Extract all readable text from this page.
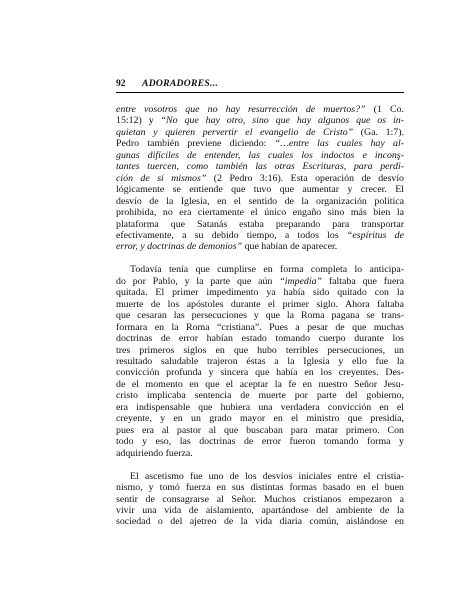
92	ADORADORES...

entre vosotros que no hay resurrección de muertos?” (1 Co.
15:12) y “No que hay otro, sino que hay algunos que os in-
quietan y quieren pervertir el evangelio de Cristo” (Ga. 1:7).
Pedro también previene diciendo: “…entre las cuales hay al-
gunas difíciles de entender, las cuales los indoctos e inconş-
tantes tuercen, como también las otras Escrituras, para perdi-
ción de sí mismos” (2 Pedro 3:16). Esta operación de desvío
lógicamente se entiende que tuvo que aumentar y crecer. El
desvío de la Iglesia, en el sentido de la organización política
prohibida, no era ciertamente el único engaño sino más bien la
plataforma que Satanás estaba preparando para transportar
efectivamente, a su debido tiempo, a todos los “espíritus de
error, y doctrinas de demonios” que habían de aparecer.

Todavía tenía que cumplirse en forma completa lo anticipa-
do por Pablo, y la parte que aún “impedía” faltaba que fuera
quitada. El primer impedimento ya había sido quitado con la
muerte de los apóstoles durante el primer siglo. Ahora faltaba
que cesaran las persecuciones y que la Roma pagana se trans-
formara en la Roma “cristiana”. Pues a pesar de que muchas
doctrinas de error habían estado tomando cuerpo durante los
tres primeros siglos en que hubo terribles persecuciones, un
resultado saludable trajeron éstas a la Iglesia y ello fue la
convicción profunda y sincera que había en los creyentes. Des-
de el momento en que el aceptar la fe en nuestro Señor Jesu-
cristo implicaba sentencia de muerte por parte del gobierno,
era indispensable que hubiera una verdadera convicción en el
creyente, y en un grado mayor en el ministro que presidía,
pues era al pastor al que buscaban para matar primero. Con
todo y eso, las doctrinas de error fueron tomando forma y
adquiriendo fuerza.

El ascetismo fue uno de los desvíos iniciales entre el cristia-
nismo, y tomó fuerza en sus distintas formas basado en el buen
sentir de consagrarse al Señor. Muchos cristianos empezaron a
vivir una vida de aislamiento, apartándose del ambiente de la
sociedad o del ajetreo de la vida diaria común, aislándose en
